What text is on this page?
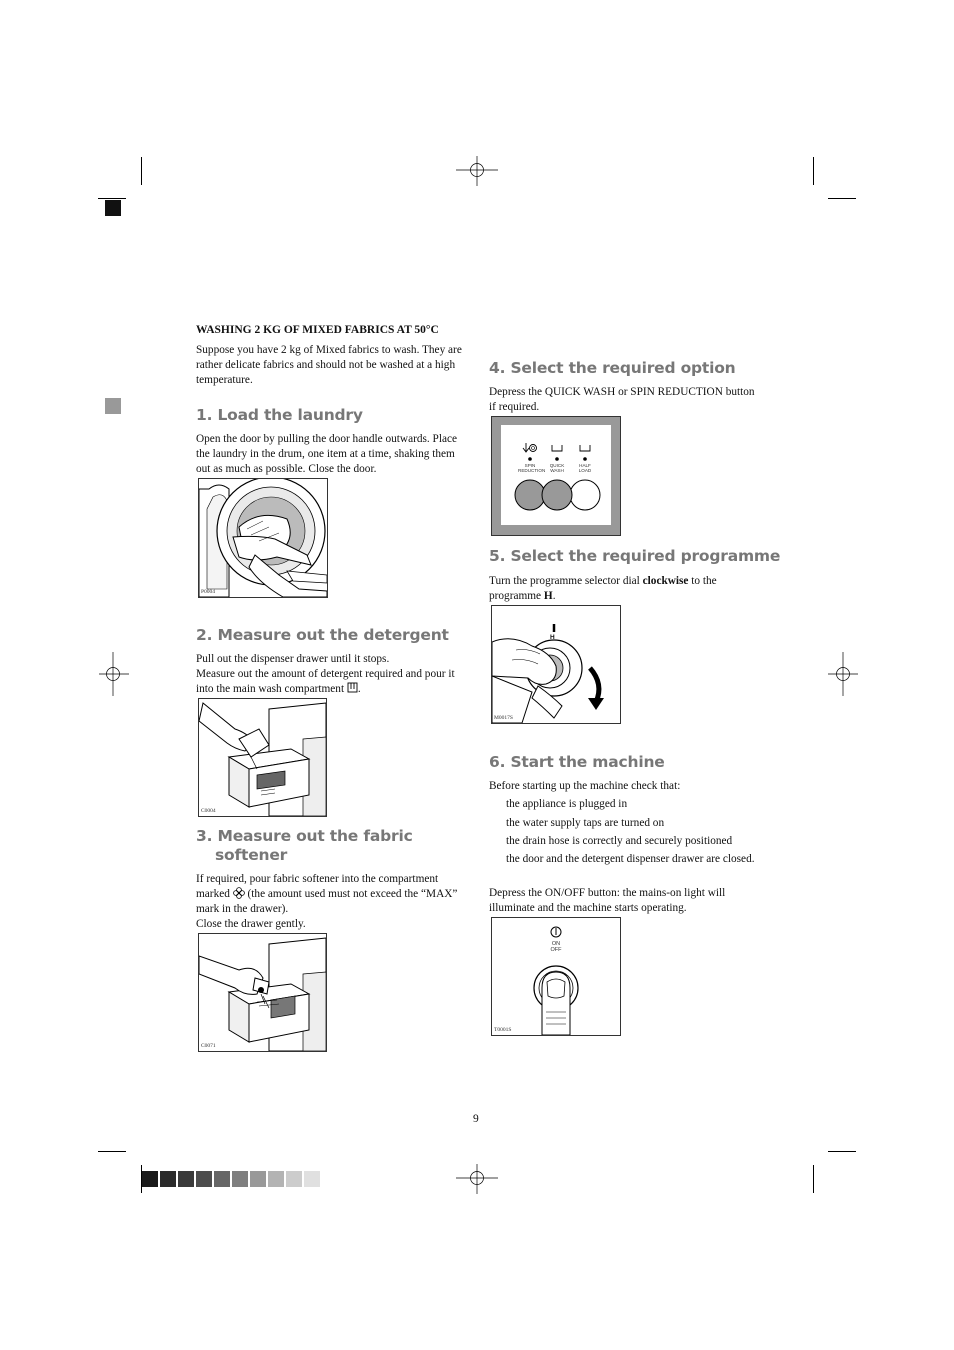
WASHING 2 KG OF MIXED FABRICS AT 50°C
Suppose you have 2 kg of Mixed fabrics to wash. They are rather delicate fabrics and should not be washed at a high temperature.
1. Load the laundry
Open the door by pulling the door handle outwards. Place the laundry in the drum, one item at a time, shaking them out as much as possible. Close the door.
P0004
2. Measure out the detergent
Pull out the dispenser drawer until it stops.
Measure out the amount of detergent required and pour it into the main wash compartment .
C0004
3. Measure out the fabric
softener
If required, pour fabric softener into the compartment marked (the amount used must not exceed the “MAX” mark in the drawer).
Close the drawer gently.
C0071
4. Select the required option
Depress the QUICK WASH or SPIN REDUCTION button if required.
SPIN REDUCTION
QUICK WASH
HALF LOAD
5. Select the required programme
Turn the programme selector dial clockwise to the programme H.
H
M0017S
6. Start the machine
Before starting up the machine check that:
the appliance is plugged in
the water supply taps are turned on
the drain hose is correctly and securely positioned
the door and the detergent dispenser drawer are closed.
Depress the ON/OFF button: the mains-on light will illuminate and the machine starts operating.
ON
OFF
T0001S
9
